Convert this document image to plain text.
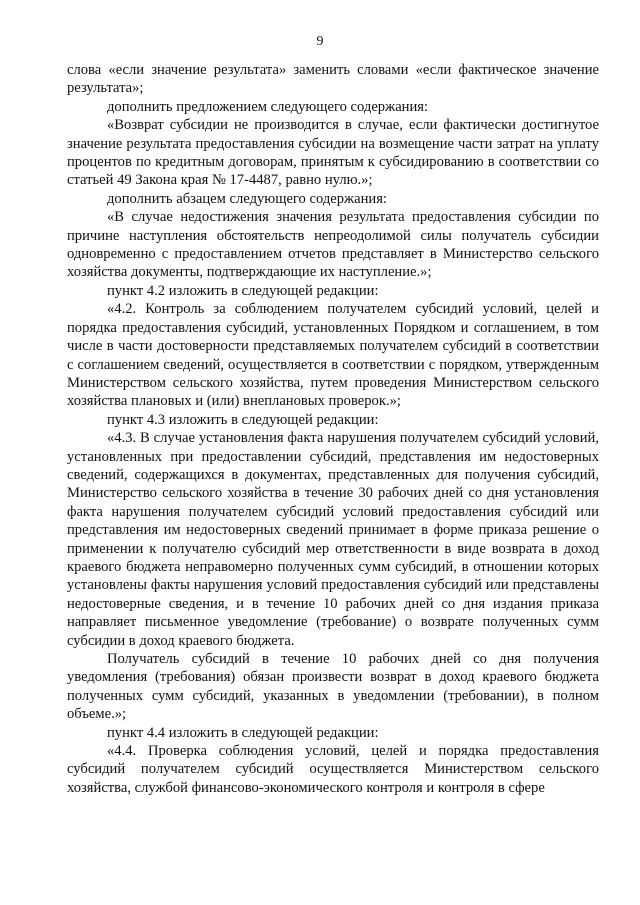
9

слова «если значение результата» заменить словами «если фактическое значение результата»;

дополнить предложением следующего содержания:

«Возврат субсидии не производится в случае, если фактически достигнутое значение результата предоставления субсидии на возмещение части затрат на уплату процентов по кредитным договорам, принятым к субсидированию в соответствии со статьей 49 Закона края № 17-4487, равно нулю.»;

дополнить абзацем следующего содержания:

«В случае недостижения значения результата предоставления субсидии по причине наступления обстоятельств непреодолимой силы получатель субсидии одновременно с предоставлением отчетов представляет в Министерство сельского хозяйства документы, подтверждающие их наступление.»;

пункт 4.2 изложить в следующей редакции:

«4.2. Контроль за соблюдением получателем субсидий условий, целей и порядка предоставления субсидий, установленных Порядком и соглашением, в том числе в части достоверности представляемых получателем субсидий в соответствии с соглашением сведений, осуществляется в соответствии с порядком, утвержденным Министерством сельского хозяйства, путем проведения Министерством сельского хозяйства плановых и (или) внеплановых проверок.»;

пункт 4.3 изложить в следующей редакции:

«4.3. В случае установления факта нарушения получателем субсидий условий, установленных при предоставлении субсидий, представления им недостоверных сведений, содержащихся в документах, представленных для получения субсидий, Министерство сельского хозяйства в течение 30 рабочих дней со дня установления факта нарушения получателем субсидий условий предоставления субсидий или представления им недостоверных сведений принимает в форме приказа решение о применении к получателю субсидий мер ответственности в виде возврата в доход краевого бюджета неправомерно полученных сумм субсидий, в отношении которых установлены факты нарушения условий предоставления субсидий или представлены недостоверные сведения, и в течение 10 рабочих дней со дня издания приказа направляет письменное уведомление (требование) о возврате полученных сумм субсидии в доход краевого бюджета.

Получатель субсидий в течение 10 рабочих дней со дня получения уведомления (требования) обязан произвести возврат в доход краевого бюджета полученных сумм субсидий, указанных в уведомлении (требовании), в полном объеме.»;

пункт 4.4 изложить в следующей редакции:

«4.4. Проверка соблюдения условий, целей и порядка предоставления субсидий получателем субсидий осуществляется Министерством сельского хозяйства, службой финансово-экономического контроля и контроля в сфере
